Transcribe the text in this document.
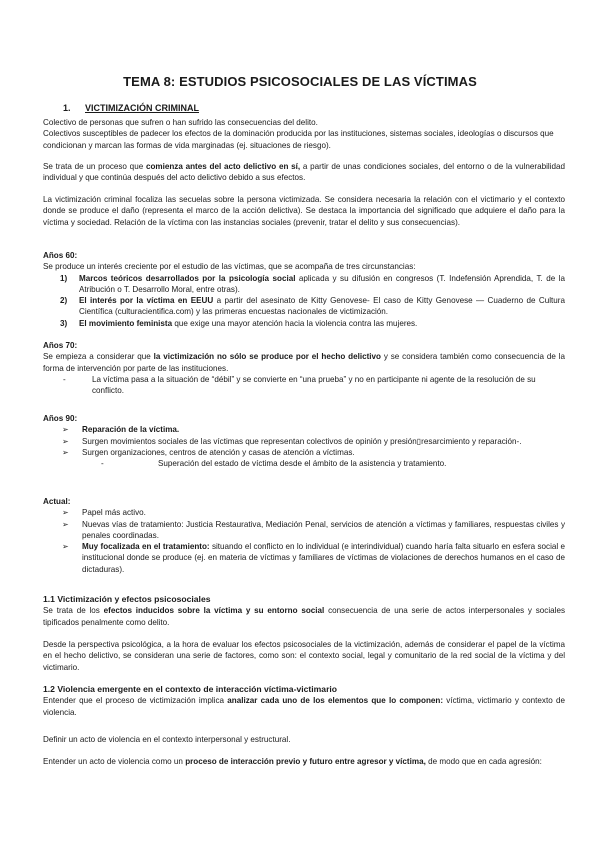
TEMA 8: ESTUDIOS PSICOSOCIALES DE LAS VÍCTIMAS
1. VICTIMIZACIÓN CRIMINAL

Colectivo de personas que sufren o han sufrido las consecuencias del delito.

Colectivos susceptibles de padecer los efectos de la dominación producida por las instituciones, sistemas sociales, ideologías o discursos que condicionan y marcan las formas de vida marginadas (ej. situaciones de riesgo).

Se trata de un proceso que comienza antes del acto delictivo en sí, a partir de unas condiciones sociales, del entorno o de la vulnerabilidad individual y que continúa después del acto delictivo debido a sus efectos.

La victimización criminal focaliza las secuelas sobre la persona victimizada. Se considera necesaria la relación con el victimario y el contexto donde se produce el daño (representa el marco de la acción delictiva). Se destaca la importancia del significado que adquiere el daño para la víctima y sociedad. Relación de la víctima con las instancias sociales (prevenir, tratar el delito y sus consecuencias).

Años 60:

Se produce un interés creciente por el estudio de las víctimas, que se acompaña de tres circunstancias:

1) Marcos teóricos desarrollados por la psicología social aplicada y su difusión en congresos (T. Indefensión Aprendida, T. de la Atribución o T. Desarrollo Moral, entre otras).
2) El interés por la víctima en EEUU a partir del asesinato de Kitty Genovese- El caso de Kitty Genovese — Cuaderno de Cultura Científica (culturacientifica.com) y las primeras encuestas nacionales de victimización.
3) El movimiento feminista que exige una mayor atención hacia la violencia contra las mujeres.

Años 70:

Se empieza a considerar que la victimización no sólo se produce por el hecho delictivo y se considera también como consecuencia de la forma de intervención por parte de las instituciones.

-	La víctima pasa a la situación de “débil” y se convierte en “una prueba” y no en participante ni agente de la resolución de su conflicto.

Años 90:

➢ Reparación de la víctima.
➢ Surgen movimientos sociales de las víctimas que representan colectivos de opinión y presión▯resarcimiento y reparación-.
➢ Surgen organizaciones, centros de atención y casas de atención a víctimas.
-	Superación del estado de víctima desde el ámbito de la asistencia y tratamiento.

Actual:

➢ Papel más activo.
➢ Nuevas vías de tratamiento: Justicia Restaurativa, Mediación Penal, servicios de atención a víctimas y familiares, respuestas civiles y penales coordinadas.
➢ Muy focalizada en el tratamiento: situando el conflicto en lo individual (e interindividual) cuando haría falta situarlo en esfera social e institucional donde se produce (ej. en materia de víctimas y familiares de víctimas de violaciones de derechos humanos en el caso de dictaduras).

1.1 Victimización y efectos psicosociales

Se trata de los efectos inducidos sobre la víctima y su entorno social consecuencia de una serie de actos interpersonales y sociales tipificados penalmente como delito.

Desde la perspectiva psicológica, a la hora de evaluar los efectos psicosociales de la victimización, además de considerar el papel de la víctima en el hecho delictivo, se consideran una serie de factores, como son: el contexto social, legal y comunitario de la red social de la víctima y del victimario.

1.2 Violencia emergente en el contexto de interacción víctima-victimario

Entender que el proceso de victimización implica analizar cada uno de los elementos que lo componen: víctima, victimario y contexto de violencia.

Definir un acto de violencia en el contexto interpersonal y estructural.

Entender un acto de violencia como un proceso de interacción previo y futuro entre agresor y víctima, de modo que en cada agresión:
